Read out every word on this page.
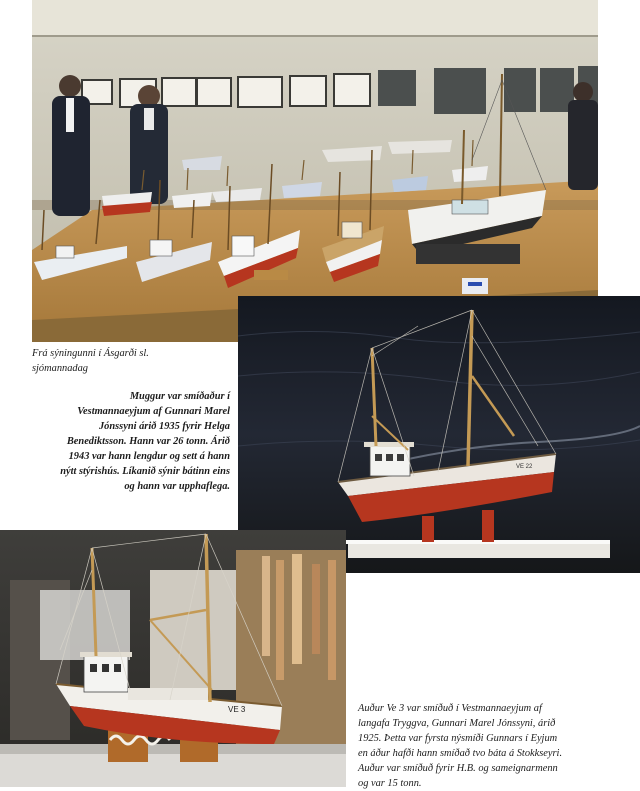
Frá sýningunni í Ásgarði sl.
sjómannadag
VE 22
Muggur var smíðaður í
Vestmannaeyjum af Gunnari Marel
Jónssyni árið 1935 fyrir Helga
Benediktsson. Hann var 26 tonn. Árið
1943 var hann lengdur og sett á hann
nýtt stýrishús. Líkanið sýnir bátinn eins
og hann var upphaflega.
VE 3	Auður Ve 3 var smíðuð í Vestmannaeyjum af
langafa Tryggva, Gunnari Marel Jónssyni, árið
1925. Þetta var fyrsta nýsmíði Gunnars í Eyjum
en áður hafði hann smíðað tvo báta á Stokkseyri.
Auður var smíðuð fyrir H.B. og sameignarmenn
og var 15 tonn.
